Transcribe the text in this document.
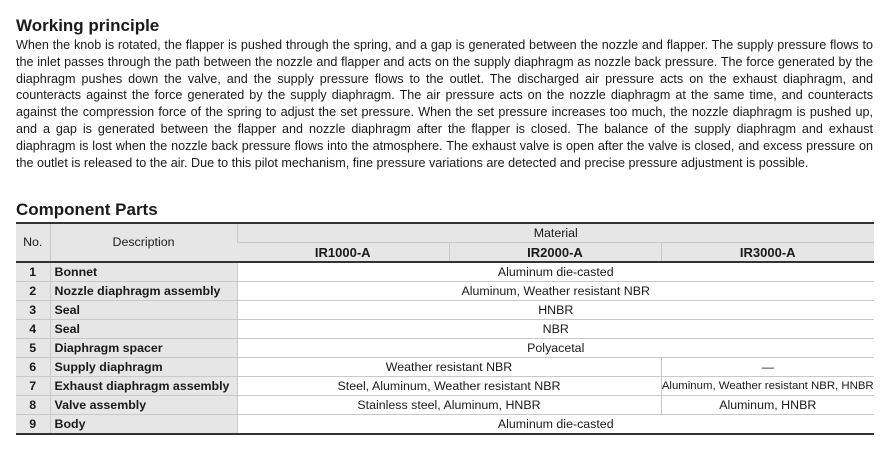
Working principle

When the knob is rotated, the flapper is pushed through the spring, and a gap is generated between the nozzle and flapper. The supply pressure flows to the inlet passes through the path between the nozzle and flapper and acts on the supply diaphragm as nozzle back pressure. The force generated by the diaphragm pushes down the valve, and the supply pressure flows to the outlet. The discharged air pressure acts on the exhaust diaphragm, and counteracts against the force generated by the supply diaphragm. The air pressure acts on the nozzle diaphragm at the same time, and counteracts against the compression force of the spring to adjust the set pressure. When the set pressure increases too much, the nozzle diaphragm is pushed up, and a gap is generated between the flapper and nozzle diaphragm after the flapper is closed. The balance of the supply diaphragm and exhaust diaphragm is lost when the nozzle back pressure flows into the atmosphere. The exhaust valve is open after the valve is closed, and excess pressure on the outlet is released to the air. Due to this pilot mechanism, fine pressure variations are detected and precise pressure adjustment is possible.

Component Parts
No.	Description	Material		
		IR1000-A	IR2000-A	IR3000-A
1	Bonnet	Aluminum die-casted		
2	Nozzle diaphragm assembly	Aluminum, Weather resistant NBR		
3	Seal	HNBR		
4	Seal	NBR		
5	Diaphragm spacer	Polyacetal		
6	Supply diaphragm	Weather resistant NBR		—
7	Exhaust diaphragm assembly	Steel, Aluminum, Weather resistant NBR		Aluminum, Weather resistant NBR, HNBR
8	Valve assembly	Stainless steel, Aluminum, HNBR		Aluminum, HNBR
9	Body	Aluminum die-casted		
